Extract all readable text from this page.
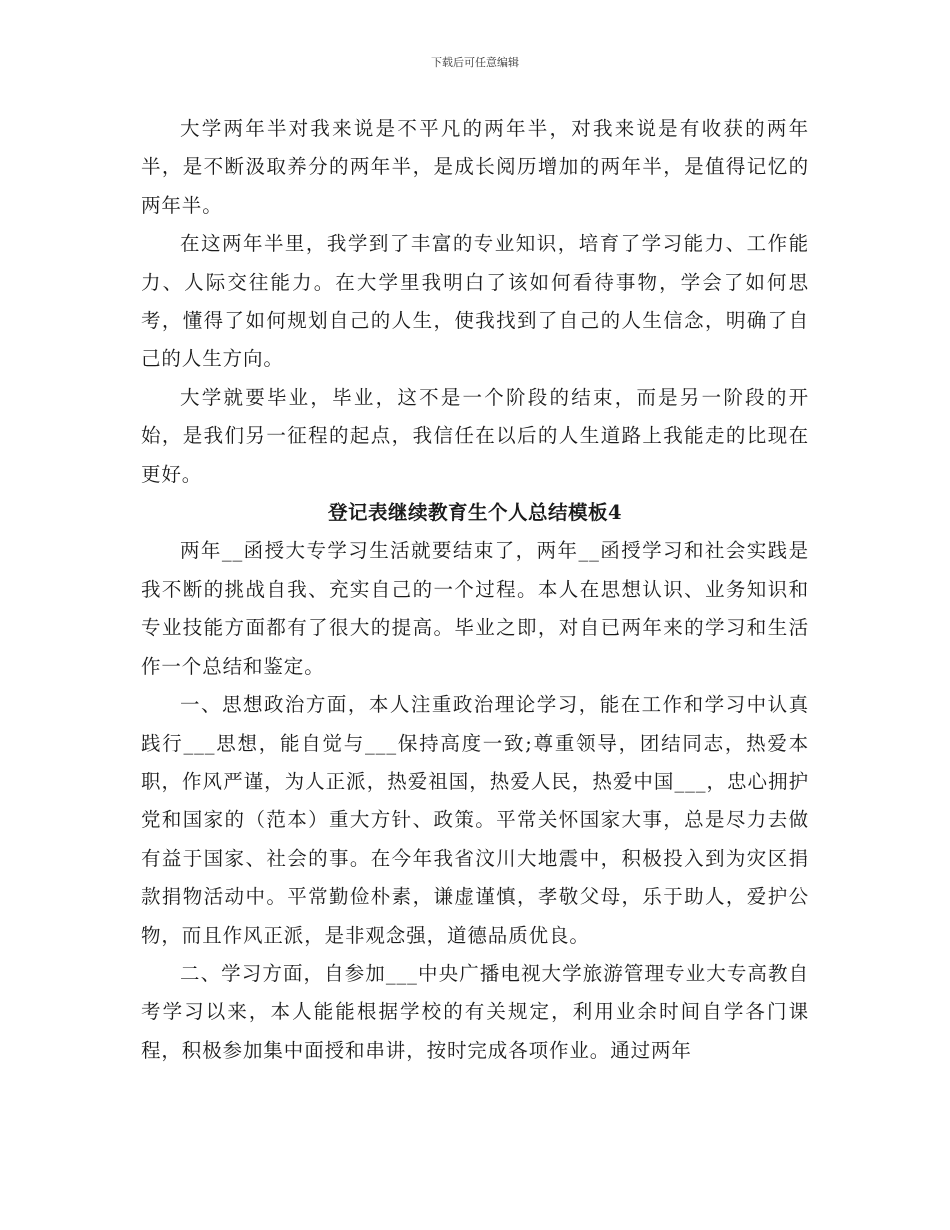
下载后可任意编辑

大学两年半对我来说是不平凡的两年半，对我来说是有收获的两年半，是不断汲取养分的两年半，是成长阅历增加的两年半，是值得记忆的两年半。

在这两年半里，我学到了丰富的专业知识，培育了学习能力、工作能力、人际交往能力。在大学里我明白了该如何看待事物，学会了如何思考，懂得了如何规划自己的人生，使我找到了自己的人生信念，明确了自己的人生方向。

大学就要毕业，毕业，这不是一个阶段的结束，而是另一阶段的开始，是我们另一征程的起点，我信任在以后的人生道路上我能走的比现在更好。

登记表继续教育生个人总结模板4

两年__函授大专学习生活就要结束了，两年__函授学习和社会实践是我不断的挑战自我、充实自己的一个过程。本人在思想认识、业务知识和专业技能方面都有了很大的提高。毕业之即，对自已两年来的学习和生活作一个总结和鉴定。

一、思想政治方面，本人注重政治理论学习，能在工作和学习中认真践行___思想，能自觉与___保持高度一致;尊重领导，团结同志，热爱本职，作风严谨，为人正派，热爱祖国，热爱人民，热爱中国___，忠心拥护党和国家的（范本）重大方针、政策。平常关怀国家大事，总是尽力去做有益于国家、社会的事。在今年我省汶川大地震中，积极投入到为灾区捐款捐物活动中。平常勤俭朴素，谦虚谨慎，孝敬父母，乐于助人，爱护公物，而且作风正派，是非观念强，道德品质优良。

二、学习方面，自参加___中央广播电视大学旅游管理专业大专高教自考学习以来，本人能能根据学校的有关规定，利用业余时间自学各门课程，积极参加集中面授和串讲，按时完成各项作业。通过两年
